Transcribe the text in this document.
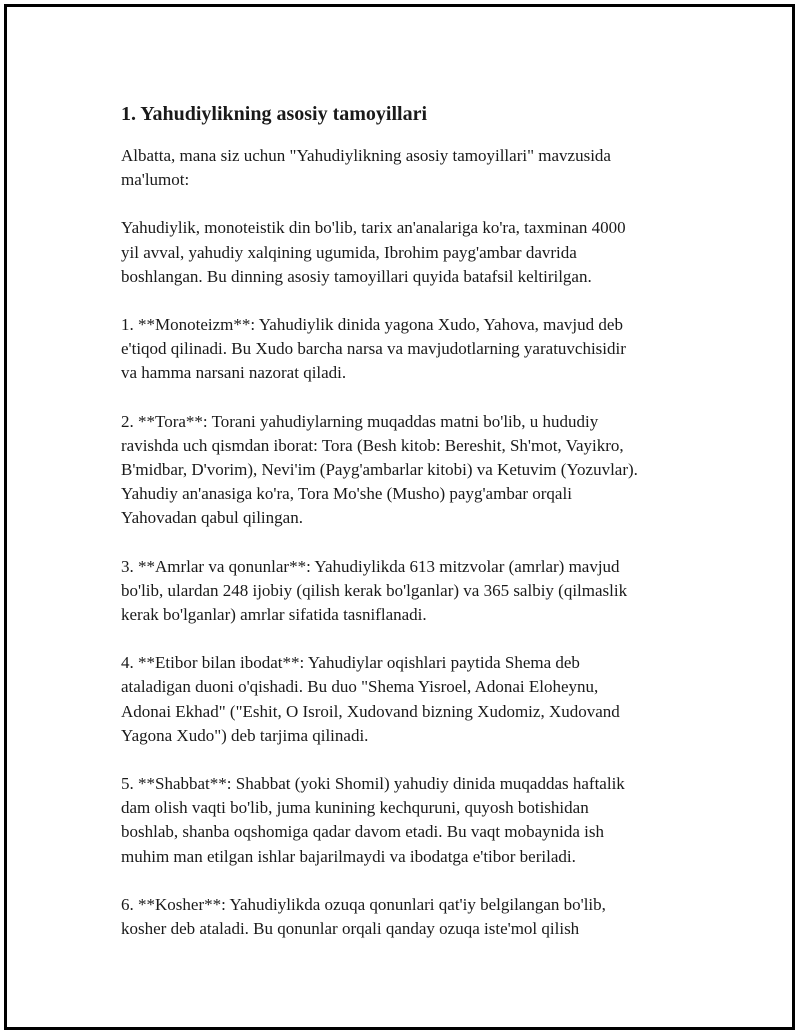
1. Yahudiylikning asosiy tamoyillari

Albatta, mana siz uchun "Yahudiylikning asosiy tamoyillari" mavzusida
ma'lumot:

Yahudiylik, monoteistik din bo'lib, tarix an'analariga ko'ra, taxminan 4000
yil avval, yahudiy xalqining ugumida, Ibrohim payg'ambar davrida
boshlangan. Bu dinning asosiy tamoyillari quyida batafsil keltirilgan.

1. **Monoteizm**: Yahudiylik dinida yagona Xudo, Yahova, mavjud deb
e'tiqod qilinadi. Bu Xudo barcha narsa va mavjudotlarning yaratuvchisidir
va hamma narsani nazorat qiladi.

2. **Tora**: Torani yahudiylarning muqaddas matni bo'lib, u hududiy
ravishda uch qismdan iborat: Tora (Besh kitob: Bereshit, Sh'mot, Vayikro,
B'midbar, D'vorim), Nevi'im (Payg'ambarlar kitobi) va Ketuvim (Yozuvlar).
Yahudiy an'anasiga ko'ra, Tora Mo'she (Musho) payg'ambar orqali
Yahovadan qabul qilingan.

3. **Amrlar va qonunlar**: Yahudiylikda 613 mitzvolar (amrlar) mavjud
bo'lib, ulardan 248 ijobiy (qilish kerak bo'lganlar) va 365 salbiy (qilmaslik
kerak bo'lganlar) amrlar sifatida tasniflanadi.

4. **Etibor bilan ibodat**: Yahudiylar oqishlari paytida Shema deb
ataladigan duoni o'qishadi. Bu duo "Shema Yisroel, Adonai Eloheynu,
Adonai Ekhad" ("Eshit, O Isroil, Xudovand bizning Xudomiz, Xudovand
Yagona Xudo") deb tarjima qilinadi.

5. **Shabbat**: Shabbat (yoki Shomil) yahudiy dinida muqaddas haftalik
dam olish vaqti bo'lib, juma kunining kechquruni, quyosh botishidan
boshlab, shanba oqshomiga qadar davom etadi. Bu vaqt mobaynida ish
muhim man etilgan ishlar bajarilmaydi va ibodatga e'tibor beriladi.

6. **Kosher**: Yahudiylikda ozuqa qonunlari qat'iy belgilangan bo'lib,
kosher deb ataladi. Bu qonunlar orqali qanday ozuqa iste'mol qilish
